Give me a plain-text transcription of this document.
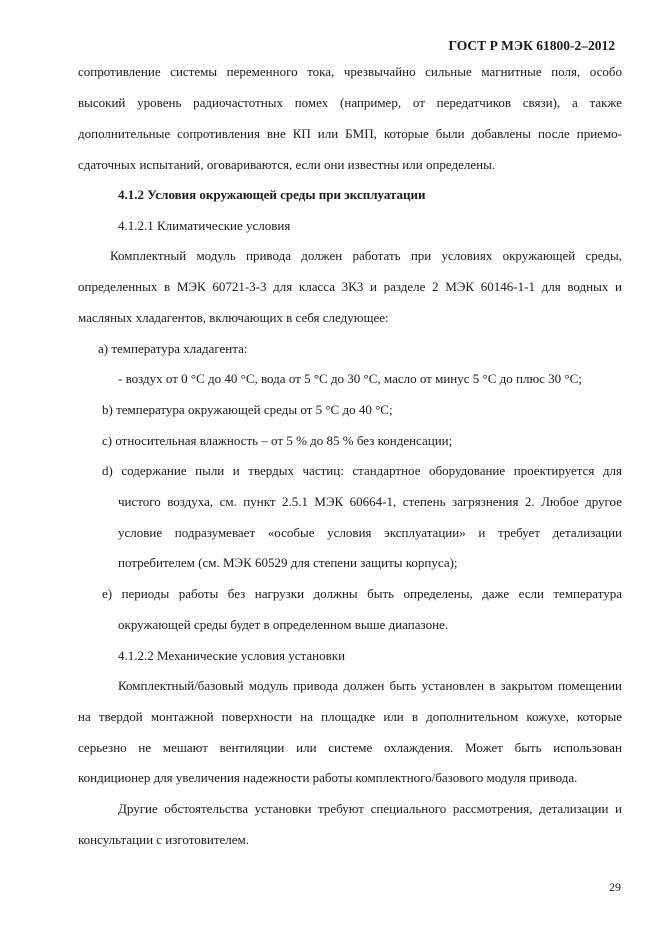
ГОСТ Р МЭК 61800-2–2012
сопротивление системы переменного тока, чрезвычайно сильные магнитные поля, особо
высокий уровень радиочастотных помех (например, от передатчиков связи), а также
дополнительные сопротивления вне КП или БМП, которые были добавлены после приемо-
сдаточных испытаний, оговариваются, если они известны или определены.
4.1.2 Условия окружающей среды при эксплуатации
4.1.2.1 Климатические условия
Комплектный модуль привода должен работать при условиях окружающей среды,
определенных в МЭК 60721-3-3 для класса 3К3 и разделе 2 МЭК 60146-1-1 для водных и
масляных хладагентов, включающих в себя следующее:
a) температура хладагента:
- воздух от 0 °С до 40 °С, вода от 5 °С до 30 °С, масло от минус 5 °С до плюс 30 °С;
b) температура окружающей среды от 5 °С до 40 °С;
c) относительная влажность – от 5 % до 85 % без конденсации;
d) содержание пыли и твердых частиц: стандартное оборудование проектируется для
чистого воздуха, см. пункт 2.5.1 МЭК 60664-1, степень загрязнения 2. Любое другое
условие подразумевает «особые условия эксплуатации» и требует детализации
потребителем (см. МЭК 60529 для степени защиты корпуса);
e) периоды работы без нагрузки должны быть определены, даже если температура
окружающей среды будет в определенном выше диапазоне.
4.1.2.2 Механические условия установки
Комплектный/базовый модуль привода должен быть установлен в закрытом помещении
на твердой монтажной поверхности на площадке или в дополнительном кожухе, которые
серьезно не мешают вентиляции или системе охлаждения. Может быть использован
кондиционер для увеличения надежности работы комплектного/базового модуля привода.
Другие обстоятельства установки требуют специального рассмотрения, детализации и
консультации с изготовителем.
29
